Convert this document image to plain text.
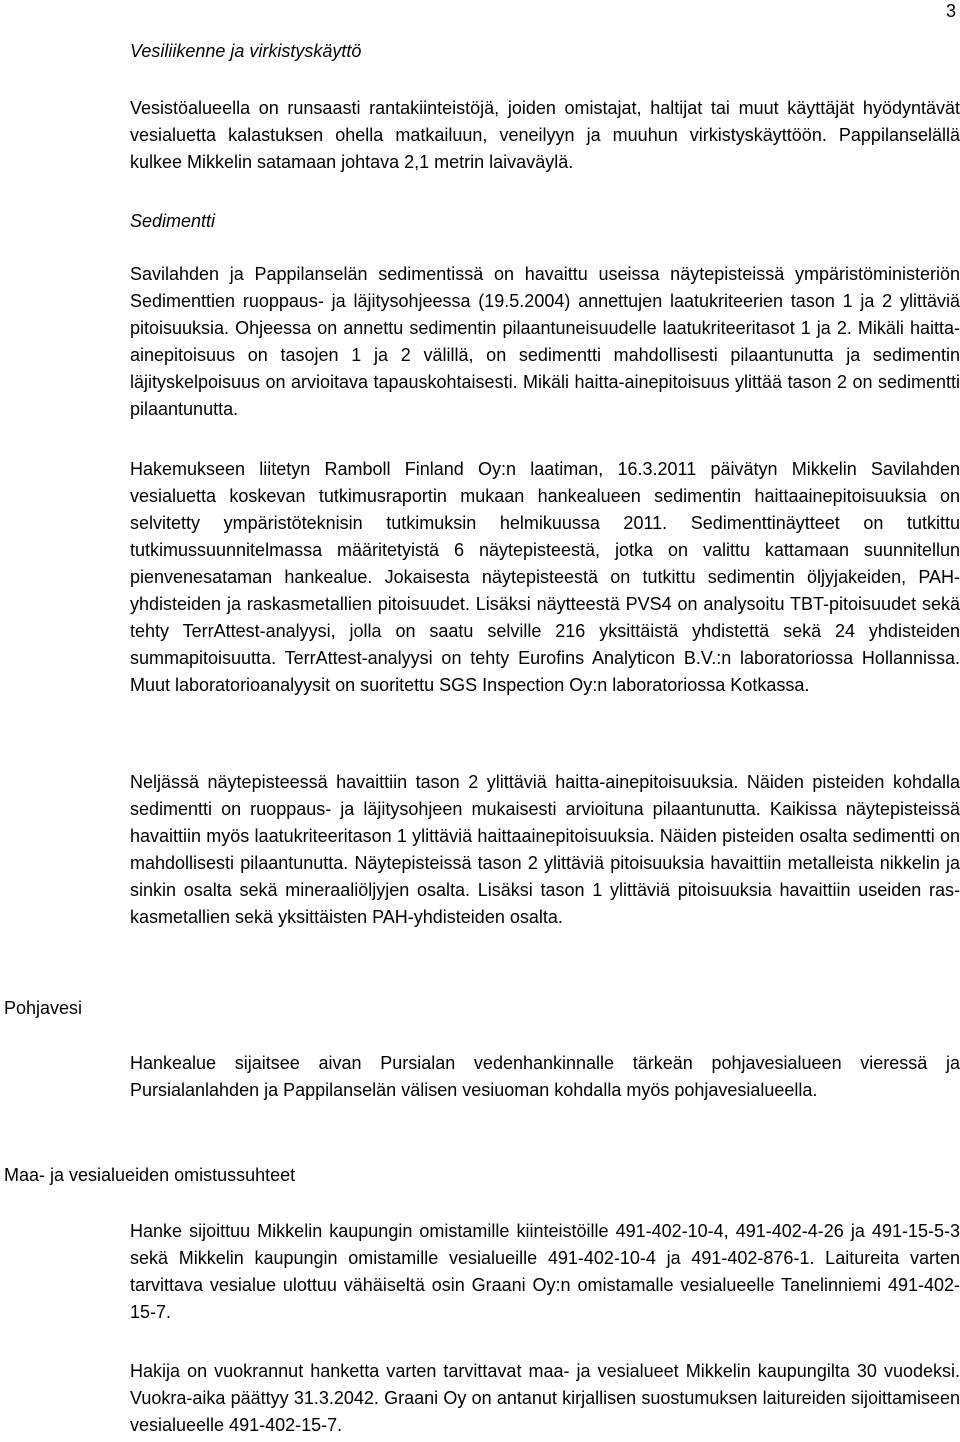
3
Vesiliikenne ja virkistyskäyttö

Vesistöalueella on runsaasti rantakiinteistöjä, joiden omistajat, haltijat tai muut käyttäjät hyödyntävät vesialuetta kalastuksen ohella matkailuun, veneilyyn ja muuhun virkistyskäyttöön. Pappilanselällä kulkee Mikkelin satamaan johtava 2,1 metrin laivaväylä.

Sedimentti

Savilahden ja Pappilanselän sedimentissä on havaittu useissa näytepisteissä ympäristöministeriön Sedimenttien ruoppaus- ja läjitysohjeessa (19.5.2004) annettujen laatukriteerien tason 1 ja 2 ylittäviä pitoisuuksia. Ohjeessa on annettu sedimentin pilaantuneisuudelle laatukriteeritasot 1 ja 2. Mikäli haitta-ainepitoisuus on tasojen 1 ja 2 välillä, on sedimentti mahdollisesti pilaantunutta ja sedimentin läjityskelpoisuus on arvioitava tapauskohtaisesti. Mikäli haitta-ainepitoisuus ylittää tason 2 on sedimentti pilaantunutta.

Hakemukseen liitetyn Ramboll Finland Oy:n laatiman, 16.3.2011 päivätyn Mikkelin Savilahden vesialuetta koskevan tutkimusraportin mukaan hankealueen sedimentin haittaainepitoisuuksia on selvitetty ympäristöteknisin tutkimuksin helmikuussa 2011. Sedimenttinäytteet on tutkittu tutkimussuunnitelmassa määritetyistä 6 näytepisteestä, jotka on valittu kattamaan suunnitellun pienvenesataman hankealue. Jokaisesta näytepisteestä on tutkittu sedimentin öljyjakeiden, PAH-yhdisteiden ja raskasmetallien pitoisuudet. Lisäksi näytteestä PVS4 on analysoitu TBT-pitoisuudet sekä tehty TerrAttest-analyysi, jolla on saatu selville 216 yksittäistä yhdistettä sekä 24 yhdisteiden summapitoisuutta. TerrAttest-analyysi on tehty Eurofins Analyticon B.V.:n laboratoriossa Hollannissa. Muut laboratorioanalyysit on suoritettu SGS Inspection Oy:n laboratoriossa Kotkassa.

Neljässä näytepisteessä havaittiin tason 2 ylittäviä haitta-ainepitoisuuksia. Näiden pisteiden kohdalla sedimentti on ruoppaus- ja läjitysohjeen mukaisesti arvioituna pilaantunutta. Kaikissa näytepisteissä havaittiin myös laatukriteeritason 1 ylittäviä haittaainepitoisuuksia. Näiden pisteiden osalta sedimentti on mahdollisesti pilaantunutta. Näytepisteissä tason 2 ylittäviä pitoisuuksia havaittiin metalleista nikkelin ja sinkin osalta sekä mineraaliöljyjen osalta. Lisäksi tason 1 ylittäviä pitoisuuksia havaittiin useiden raskasmetallien sekä yksittäisten PAH-yhdisteiden osalta.

Pohjavesi

Hankealue sijaitsee aivan Pursialan vedenhankinnalle tärkeän pohjavesialueen vieressä ja Pursialanlahden ja Pappilanselän välisen vesiuoman kohdalla myös pohjavesialueella.

Maa- ja vesialueiden omistussuhteet

Hanke sijoittuu Mikkelin kaupungin omistamille kiinteistöille 491-402-10-4, 491-402-4-26 ja 491-15-5-3 sekä Mikkelin kaupungin omistamille vesialueille 491-402-10-4 ja 491-​402-876-1. Laitureita varten tarvittava vesialue ulottuu vähäiseltä osin Graani Oy:n omistamalle vesialueelle Tanelinniemi 491-402-15-7.

Hakija on vuokrannut hanketta varten tarvittavat maa- ja vesialueet Mikkelin kaupungilta 30 vuodeksi. Vuokra-aika päättyy 31.3.2042. Graani Oy on antanut kirjallisen suostumuksen laitureiden sijoittamiseen vesialueelle 491-402-15-7.
